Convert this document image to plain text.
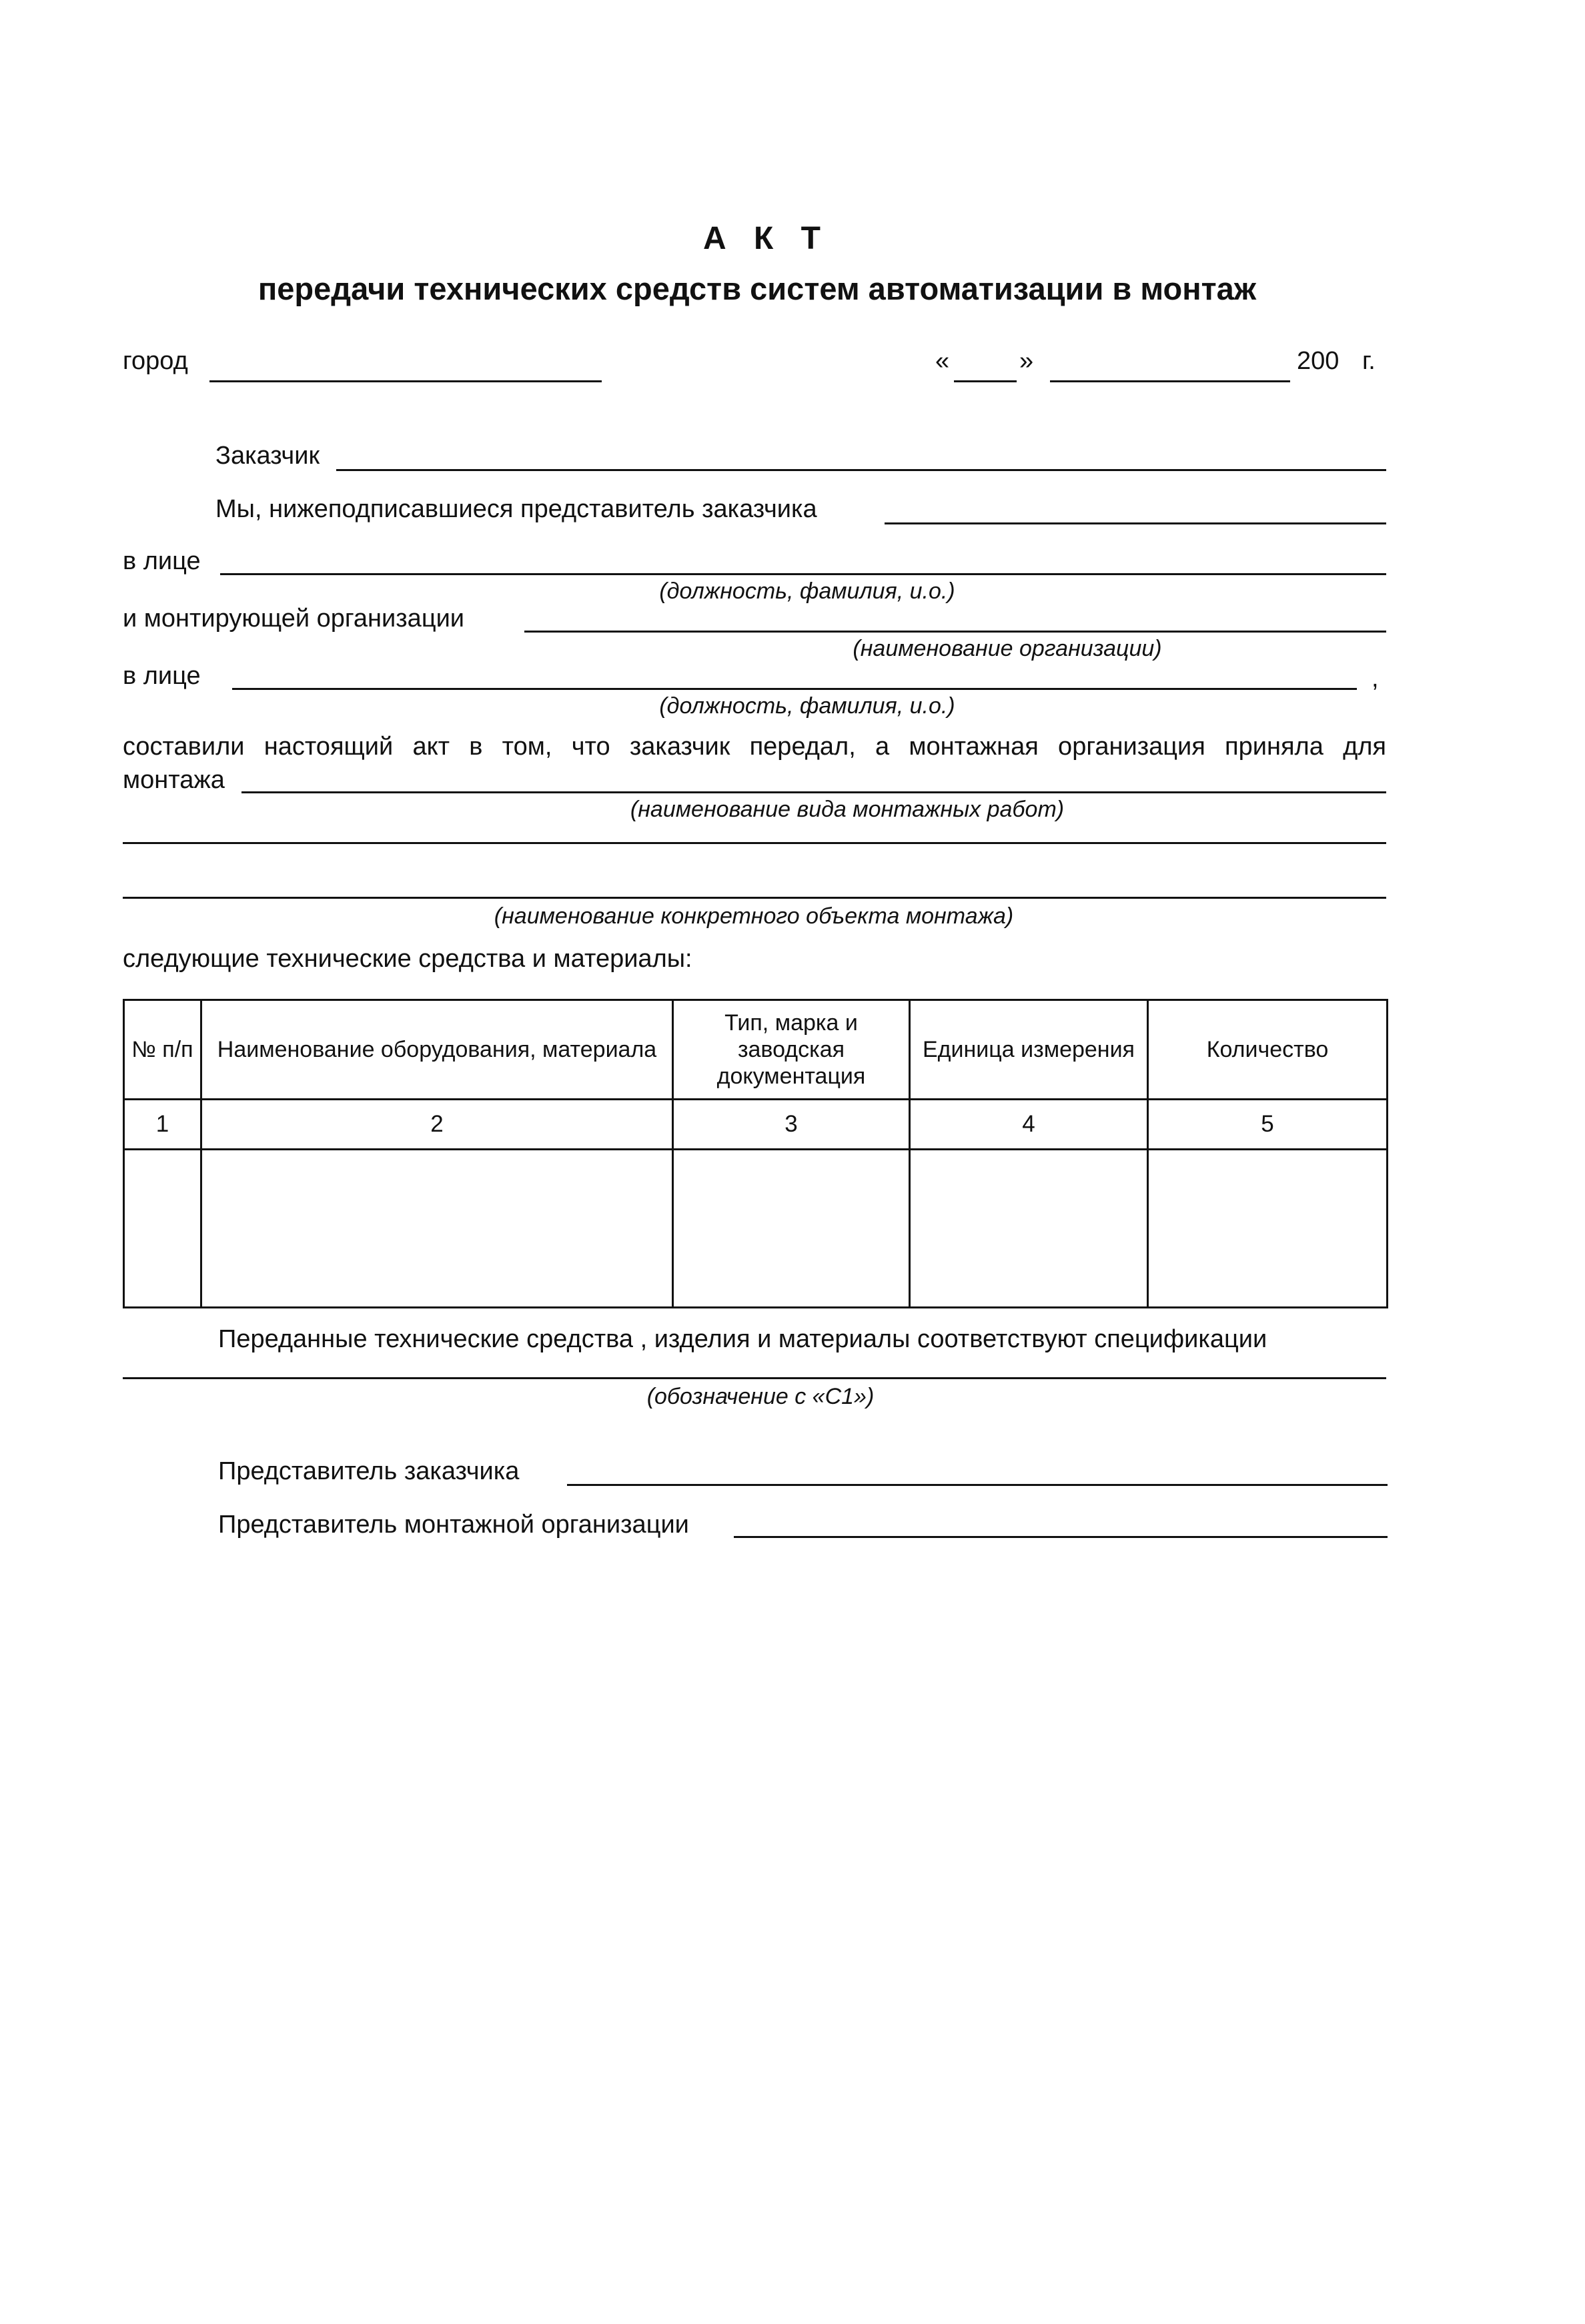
А К Т
передачи технических средств систем автоматизации в монтаж
город	«	»	200 г.
Заказчик
Мы, нижеподписавшиеся представитель заказчика
в лице
(должность, фамилия, и.о.)
и монтирующей организации
(наименование организации)
в лице	,
(должность, фамилия, и.о.)
составили настоящий акт в том, что заказчик передал, а монтажная организация приняла для
монтажа
(наименование вида монтажных работ)
(наименование конкретного объекта монтажа)
следующие технические средства и материалы:
№ п/п	Наименование оборудования, материала	Тип, марка и заводская документация	Единица измерения	Количество
1	2	3	4	5

Переданные технические средства , изделия и материалы соответствуют спецификации
(обозначение с «С1»)
Представитель заказчика
Представитель монтажной организации
